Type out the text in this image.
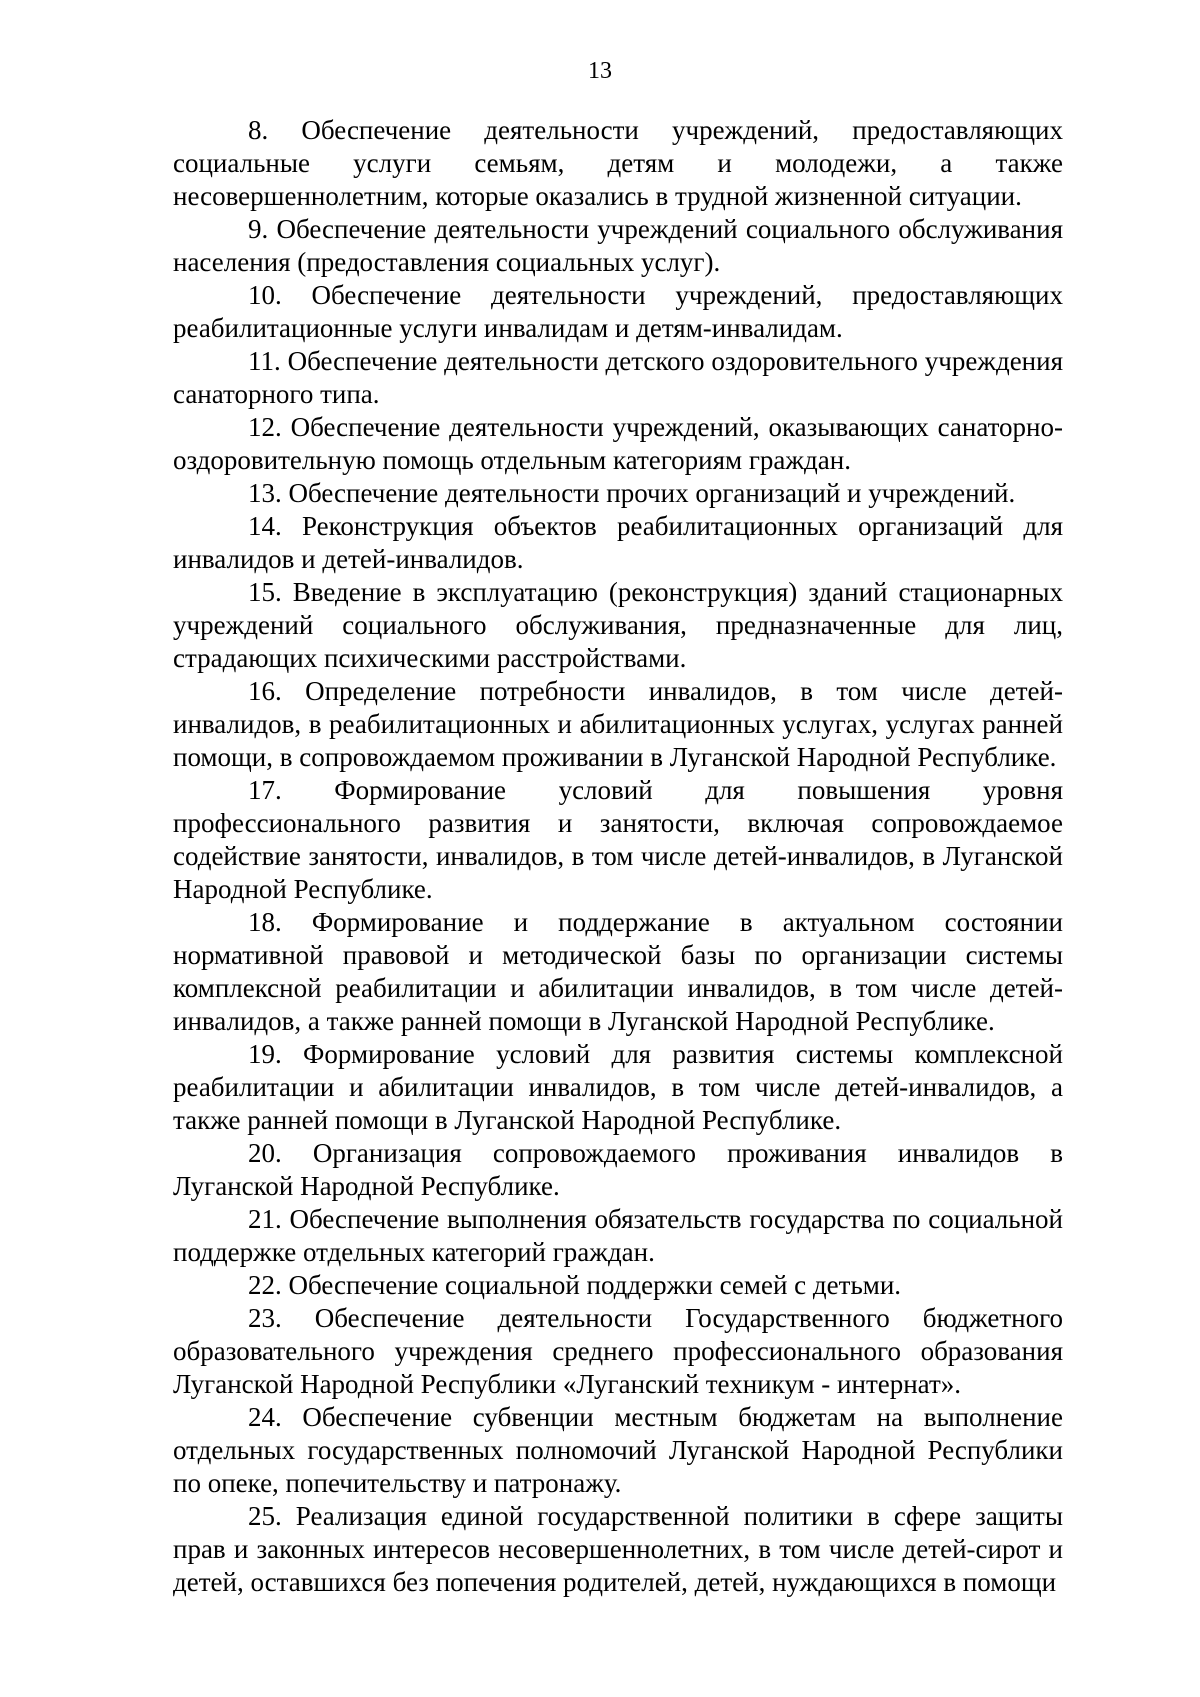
13

8. Обеспечение деятельности учреждений, предоставляющих социальные услуги семьям, детям и молодежи, а также несовершеннолетним, которые оказались в трудной жизненной ситуации.

9. Обеспечение деятельности учреждений социального обслуживания населения (предоставления социальных услуг).

10. Обеспечение деятельности учреждений, предоставляющих реабилитационные услуги инвалидам и детям-инвалидам.

11. Обеспечение деятельности детского оздоровительного учреждения санаторного типа.

12. Обеспечение деятельности учреждений, оказывающих санаторно-оздоровительную помощь отдельным категориям граждан.

13. Обеспечение деятельности прочих организаций и учреждений.

14. Реконструкция объектов реабилитационных организаций для инвалидов и детей-инвалидов.

15. Введение в эксплуатацию (реконструкция) зданий стационарных учреждений социального обслуживания, предназначенные для лиц, страдающих психическими расстройствами.

16. Определение потребности инвалидов, в том числе детей-инвалидов, в реабилитационных и абилитационных услугах, услугах ранней помощи, в сопровождаемом проживании в Луганской Народной Республике.

17. Формирование условий для повышения уровня профессионального развития и занятости, включая сопровождаемое содействие занятости, инвалидов, в том числе детей-инвалидов, в Луганской Народной Республике.

18. Формирование и поддержание в актуальном состоянии нормативной правовой и методической базы по организации системы комплексной реабилитации и абилитации инвалидов, в том числе детей-инвалидов, а также ранней помощи в Луганской Народной Республике.

19. Формирование условий для развития системы комплексной реабилитации и абилитации инвалидов, в том числе детей-инвалидов, а также ранней помощи в Луганской Народной Республике.

20. Организация сопровождаемого проживания инвалидов в Луганской Народной Республике.

21. Обеспечение выполнения обязательств государства по социальной поддержке отдельных категорий граждан.

22. Обеспечение социальной поддержки семей с детьми.

23. Обеспечение деятельности Государственного бюджетного образовательного учреждения среднего профессионального образования Луганской Народной Республики «Луганский техникум - интернат».

24. Обеспечение субвенции местным бюджетам на выполнение отдельных государственных полномочий Луганской Народной Республики по опеке, попечительству и патронажу.

25. Реализация единой государственной политики в сфере защиты прав и законных интересов несовершеннолетних, в том числе детей-сирот и детей, оставшихся без попечения родителей, детей, нуждающихся в помощи
